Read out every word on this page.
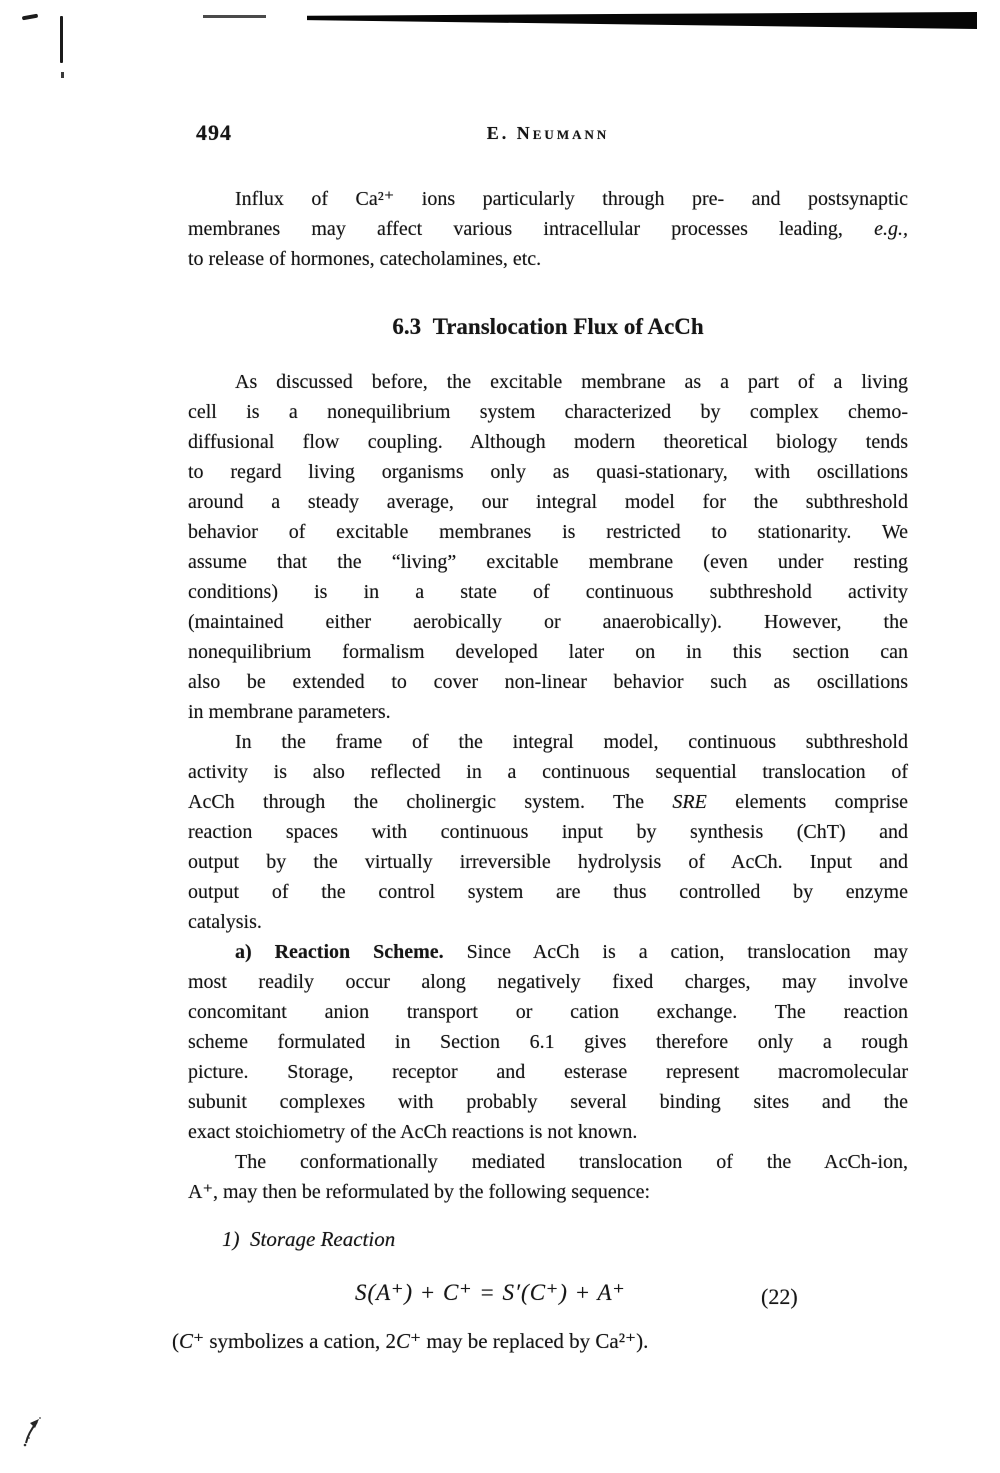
494	E. Neumann
Influx of Ca²⁺ ions particularly through pre- and postsynaptic
membranes may affect various intracellular processes leading, e.g.,
to release of hormones, catecholamines, etc.
6.3 Translocation Flux of AcCh
As discussed before, the excitable membrane as a part of a living
cell is a nonequilibrium system characterized by complex chemo-
diffusional flow coupling. Although modern theoretical biology tends
to regard living organisms only as quasi-stationary, with oscillations
around a steady average, our integral model for the subthreshold
behavior of excitable membranes is restricted to stationarity. We
assume that the “living” excitable membrane (even under resting
conditions) is in a state of continuous subthreshold activity
(maintained either aerobically or anaerobically). However, the
nonequilibrium formalism developed later on in this section can
also be extended to cover non-linear behavior such as oscillations
in membrane parameters.
In the frame of the integral model, continuous subthreshold
activity is also reflected in a continuous sequential translocation of
AcCh through the cholinergic system. The SRE elements comprise
reaction spaces with continuous input by synthesis (ChT) and
output by the virtually irreversible hydrolysis of AcCh. Input and
output of the control system are thus controlled by enzyme
catalysis.
a) Reaction Scheme. Since AcCh is a cation, translocation may
most readily occur along negatively fixed charges, may involve
concomitant anion transport or cation exchange. The reaction
scheme formulated in Section 6.1 gives therefore only a rough
picture. Storage, receptor and esterase represent macromolecular
subunit complexes with probably several binding sites and the
exact stoichiometry of the AcCh reactions is not known.
The conformationally mediated translocation of the AcCh-ion,
A⁺, may then be reformulated by the following sequence:
1) Storage Reaction
S(A⁺) + C⁺ = S′(C⁺) + A⁺	(22)
(C⁺ symbolizes a cation, 2C⁺ may be replaced by Ca²⁺).
